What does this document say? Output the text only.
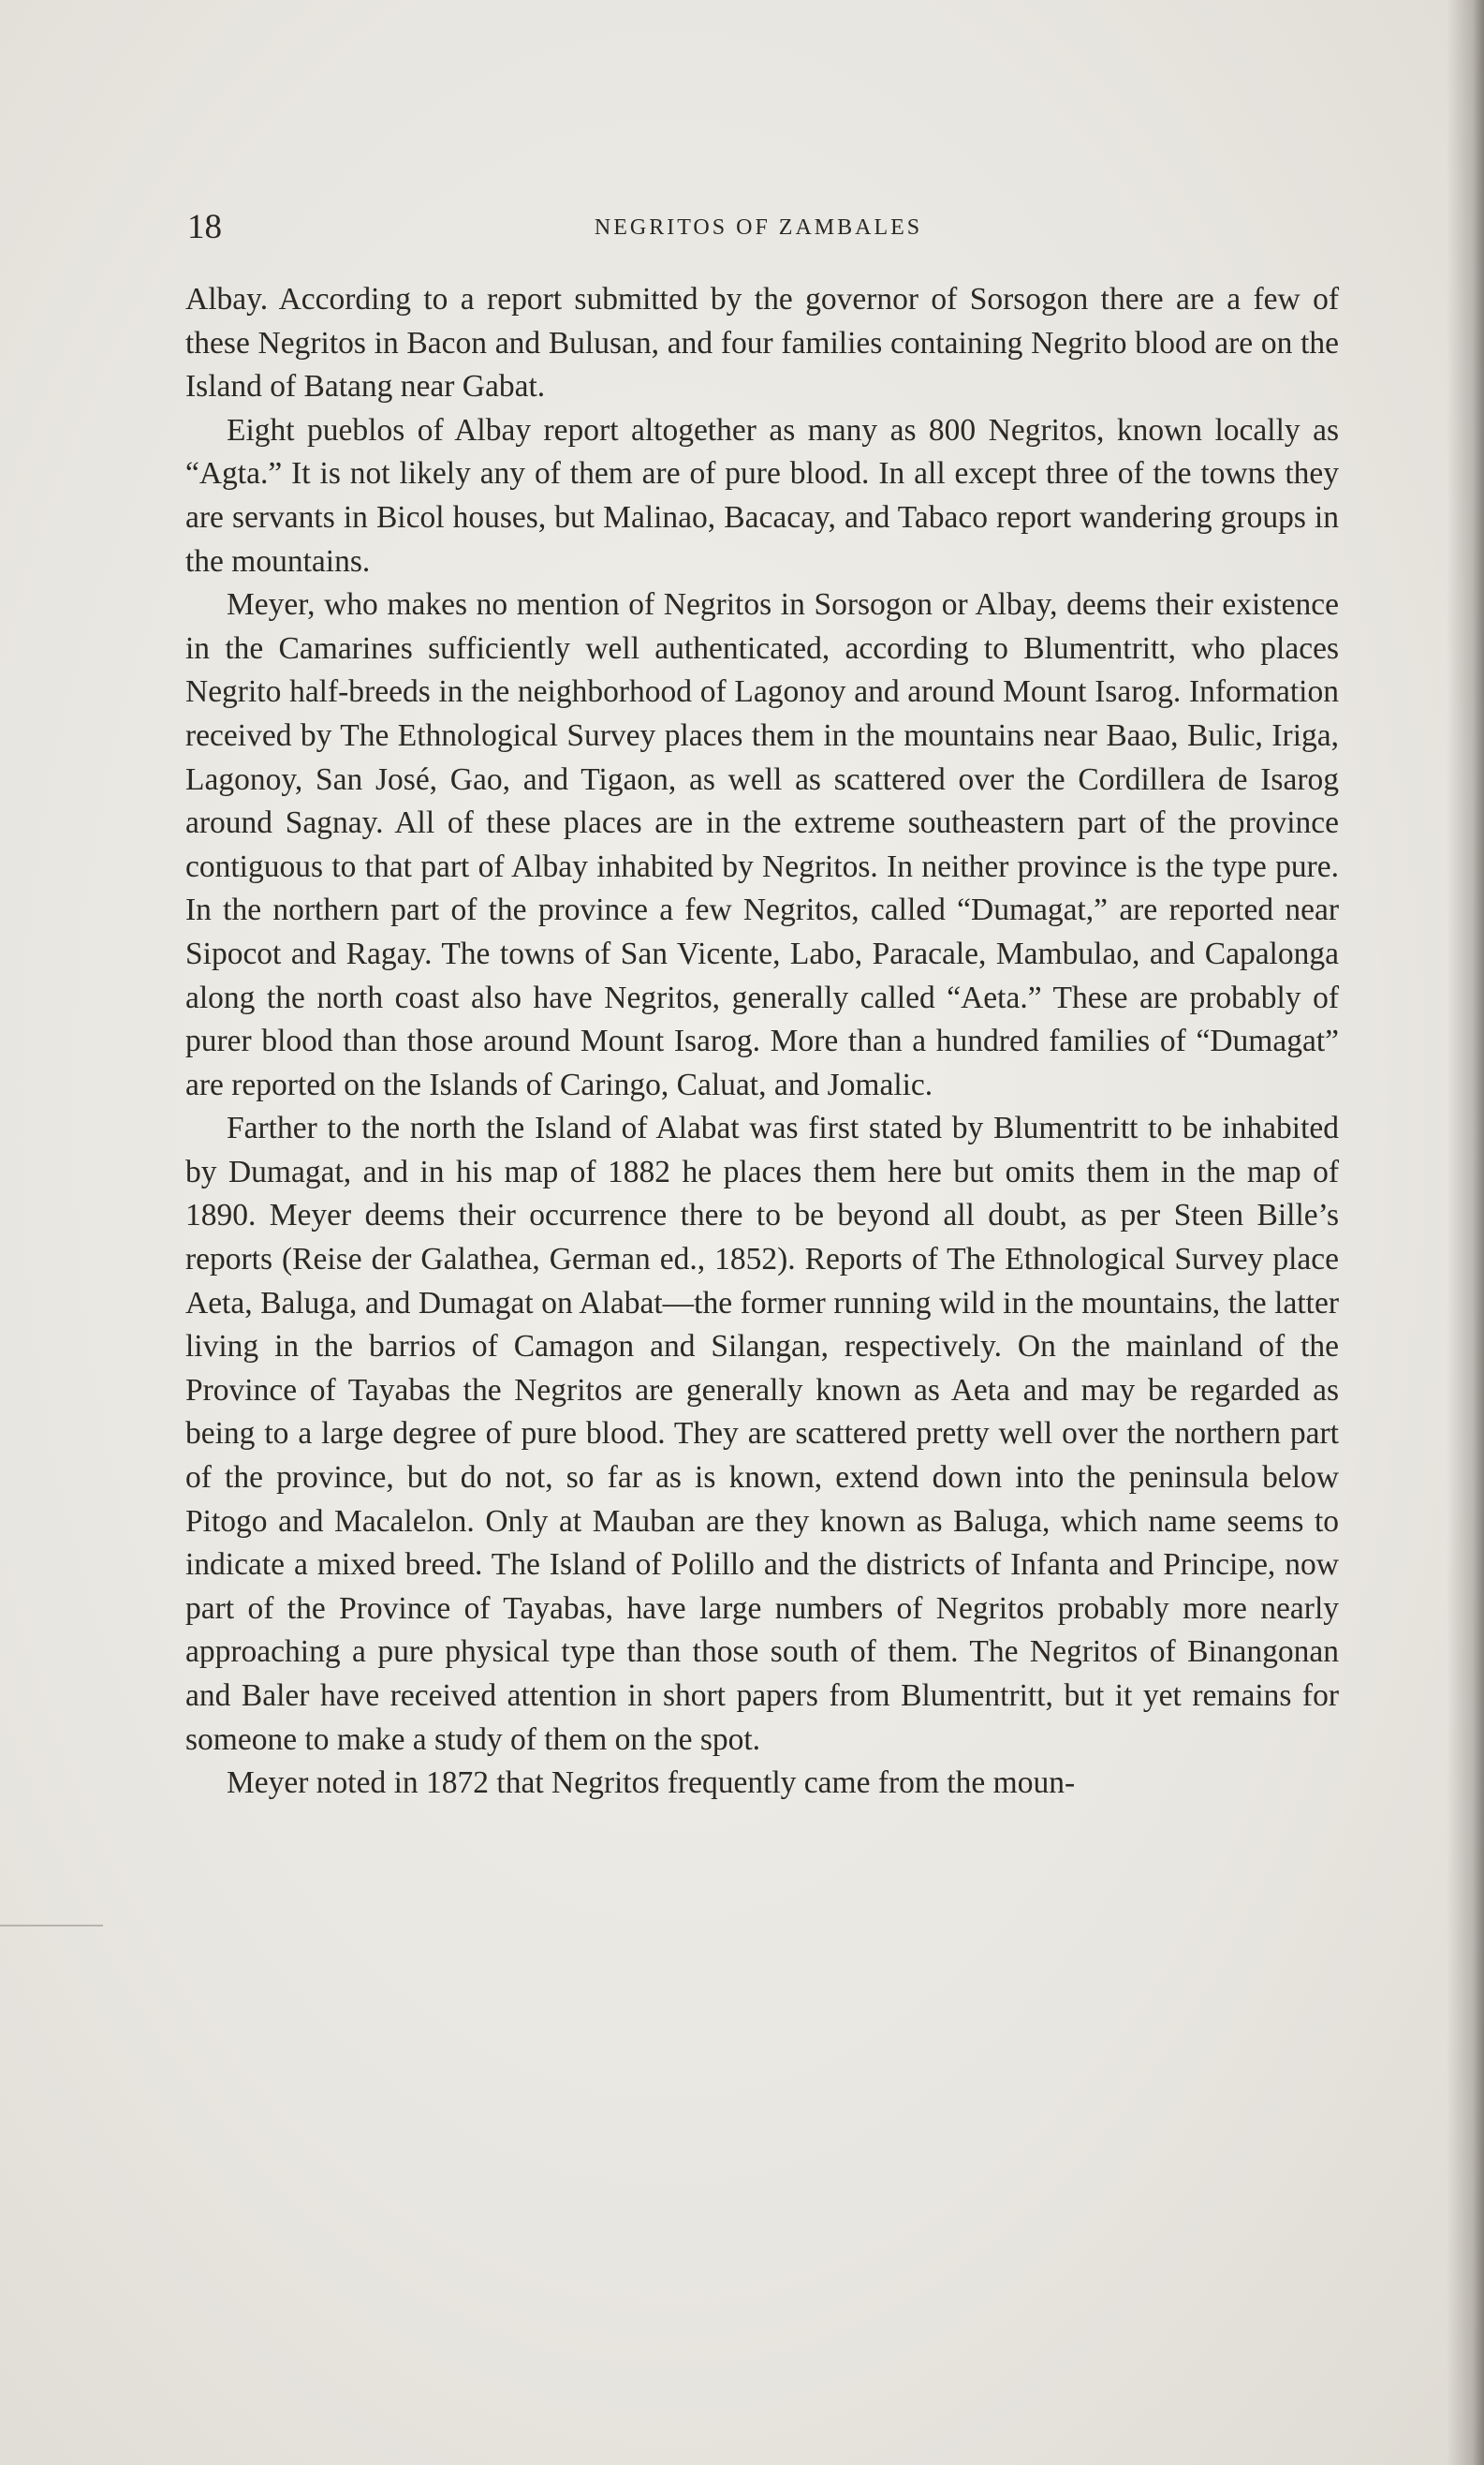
18	NEGRITOS OF ZAMBALES

Albay. According to a report submitted by the governor of Sorsogon there are a few of these Negritos in Bacon and Bulusan, and four families containing Negrito blood are on the Island of Batang near Gabat.

Eight pueblos of Albay report altogether as many as 800 Negritos, known locally as “Agta.” It is not likely any of them are of pure blood. In all except three of the towns they are servants in Bicol houses, but Malinao, Bacacay, and Tabaco report wandering groups in the mountains.

Meyer, who makes no mention of Negritos in Sorsogon or Albay, deems their existence in the Camarines sufficiently well authenticated, according to Blumentritt, who places Negrito half-breeds in the neighborhood of Lagonoy and around Mount Isarog. Information received by The Ethnological Survey places them in the mountains near Baao, Bulic, Iriga, Lagonoy, San José, Gao, and Tigaon, as well as scattered over the Cordillera de Isarog around Sagnay. All of these places are in the extreme southeastern part of the province contiguous to that part of Albay inhabited by Negritos. In neither province is the type pure. In the northern part of the province a few Negritos, called “Dumagat,” are reported near Sipocot and Ragay. The towns of San Vicente, Labo, Paracale, Mambulao, and Capalonga along the north coast also have Negritos, generally called “Aeta.” These are probably of purer blood than those around Mount Isarog. More than a hundred families of “Dumagat” are reported on the Islands of Caringo, Caluat, and Jomalic.

Farther to the north the Island of Alabat was first stated by Blumentritt to be inhabited by Dumagat, and in his map of 1882 he places them here but omits them in the map of 1890. Meyer deems their occurrence there to be beyond all doubt, as per Steen Bille’s reports (Reise der Galathea, German ed., 1852). Reports of The Ethnological Survey place Aeta, Baluga, and Dumagat on Alabat—the former running wild in the mountains, the latter living in the barrios of Camagon and Silangan, respectively. On the mainland of the Province of Tayabas the Negritos are generally known as Aeta and may be regarded as being to a large degree of pure blood. They are scattered pretty well over the northern part of the province, but do not, so far as is known, extend down into the peninsula below Pitogo and Macalelon. Only at Mauban are they known as Baluga, which name seems to indicate a mixed breed. The Island of Polillo and the districts of Infanta and Principe, now part of the Province of Tayabas, have large numbers of Negritos probably more nearly approaching a pure physical type than those south of them. The Negritos of Binangonan and Baler have received attention in short papers from Blumentritt, but it yet remains for someone to make a study of them on the spot.

Meyer noted in 1872 that Negritos frequently came from the moun-
